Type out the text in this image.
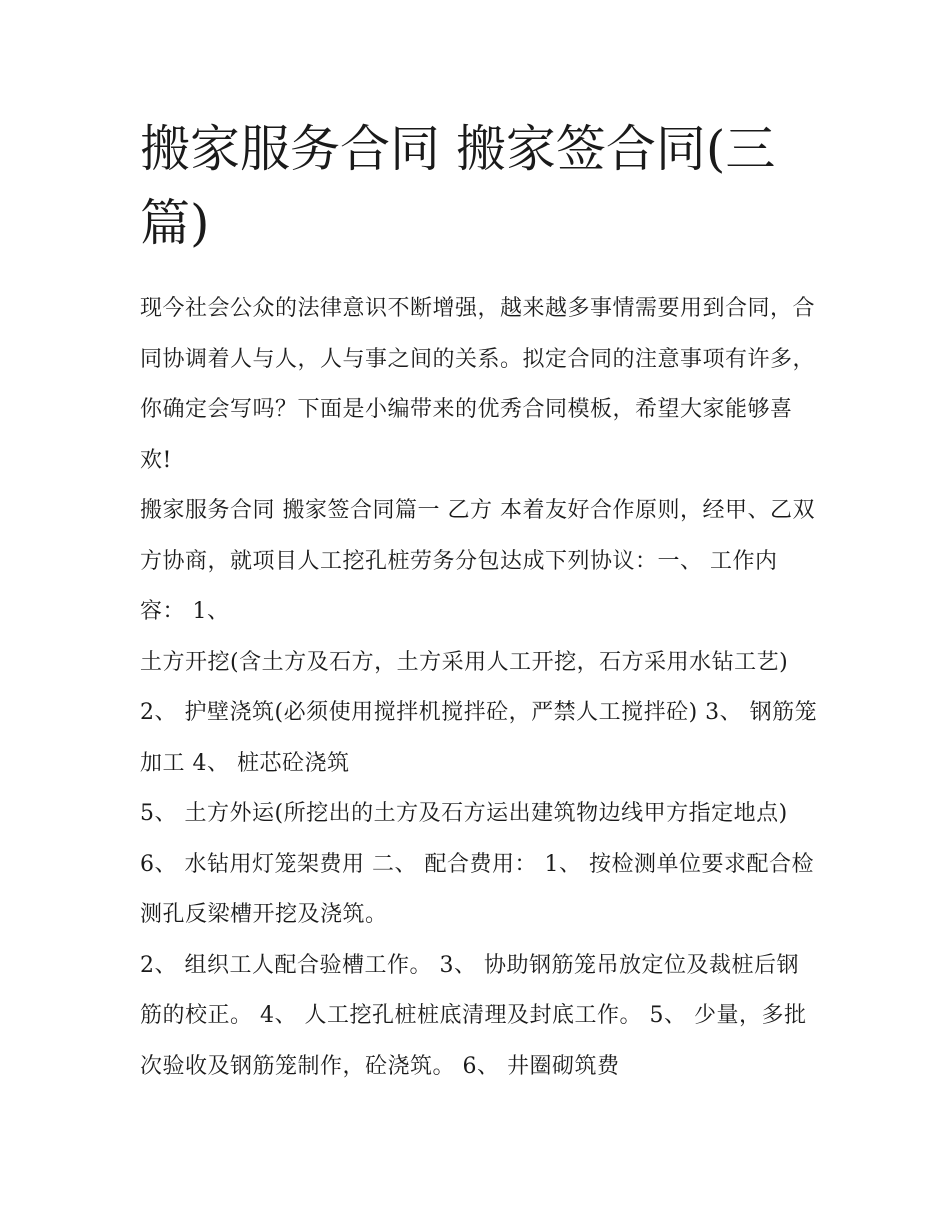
搬家服务合同 搬家签合同(三篇)

现今社会公众的法律意识不断增强，越来越多事情需要用到合同，合同协调着人与人，人与事之间的关系。拟定合同的注意事项有许多，你确定会写吗？下面是小编带来的优秀合同模板，希望大家能够喜欢!

搬家服务合同 搬家签合同篇一 乙方 本着友好合作原则，经甲、乙双方协商，就项目人工挖孔桩劳务分包达成下列协议：一、 工作内容： 1、

土方开挖(含土方及石方，土方采用人工开挖，石方采用水钻工艺) 2、 护壁浇筑(必须使用搅拌机搅拌砼，严禁人工搅拌砼) 3、 钢筋笼加工 4、 桩芯砼浇筑

5、 土方外运(所挖出的土方及石方运出建筑物边线甲方指定地点) 6、 水钻用灯笼架费用 二、 配合费用： 1、 按检测单位要求配合检测孔反梁槽开挖及浇筑。

2、 组织工人配合验槽工作。 3、 协助钢筋笼吊放定位及裁桩后钢筋的校正。 4、 人工挖孔桩桩底清理及封底工作。 5、 少量，多批次验收及钢筋笼制作，砼浇筑。 6、 井圈砌筑费
